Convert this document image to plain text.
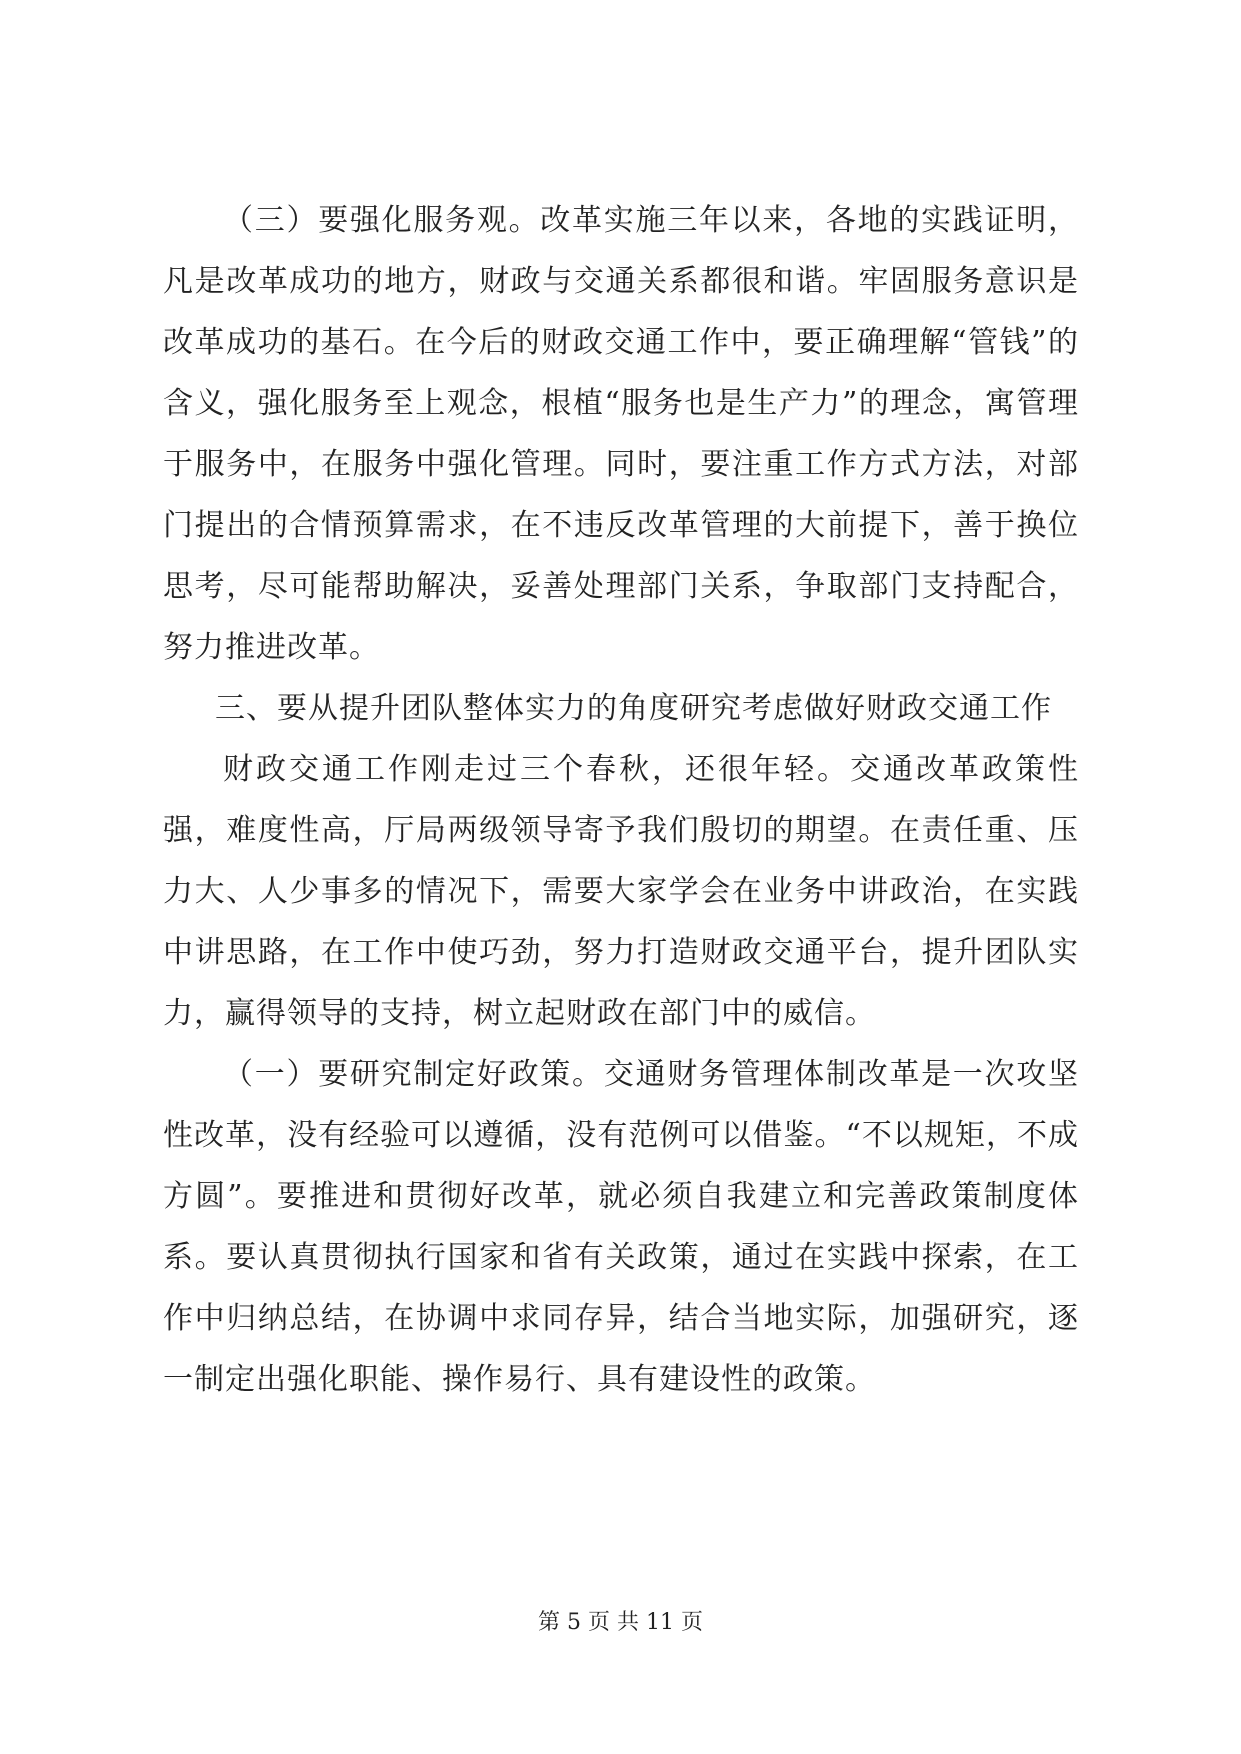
（三）要强化服务观。改革实施三年以来，各地的实践证明，凡是改革成功的地方，财政与交通关系都很和谐。牢固服务意识是改革成功的基石。在今后的财政交通工作中，要正确理解“管钱”的含义，强化服务至上观念，根植“服务也是生产力”的理念，寓管理于服务中，在服务中强化管理。同时，要注重工作方式方法，对部门提出的合情预算需求，在不违反改革管理的大前提下，善于换位思考，尽可能帮助解决，妥善处理部门关系，争取部门支持配合，努力推进改革。

三、要从提升团队整体实力的角度研究考虑做好财政交通工作

财政交通工作刚走过三个春秋，还很年轻。交通改革政策性强，难度性高，厅局两级领导寄予我们殷切的期望。在责任重、压力大、人少事多的情况下，需要大家学会在业务中讲政治，在实践中讲思路，在工作中使巧劲，努力打造财政交通平台，提升团队实力，赢得领导的支持，树立起财政在部门中的威信。

（一）要研究制定好政策。交通财务管理体制改革是一次攻坚性改革，没有经验可以遵循，没有范例可以借鉴。“不以规矩，不成方圆”。要推进和贯彻好改革，就必须自我建立和完善政策制度体系。要认真贯彻执行国家和省有关政策，通过在实践中探索，在工作中归纳总结，在协调中求同存异，结合当地实际，加强研究，逐一制定出强化职能、操作易行、具有建设性的政策。

第 5 页 共 11 页
